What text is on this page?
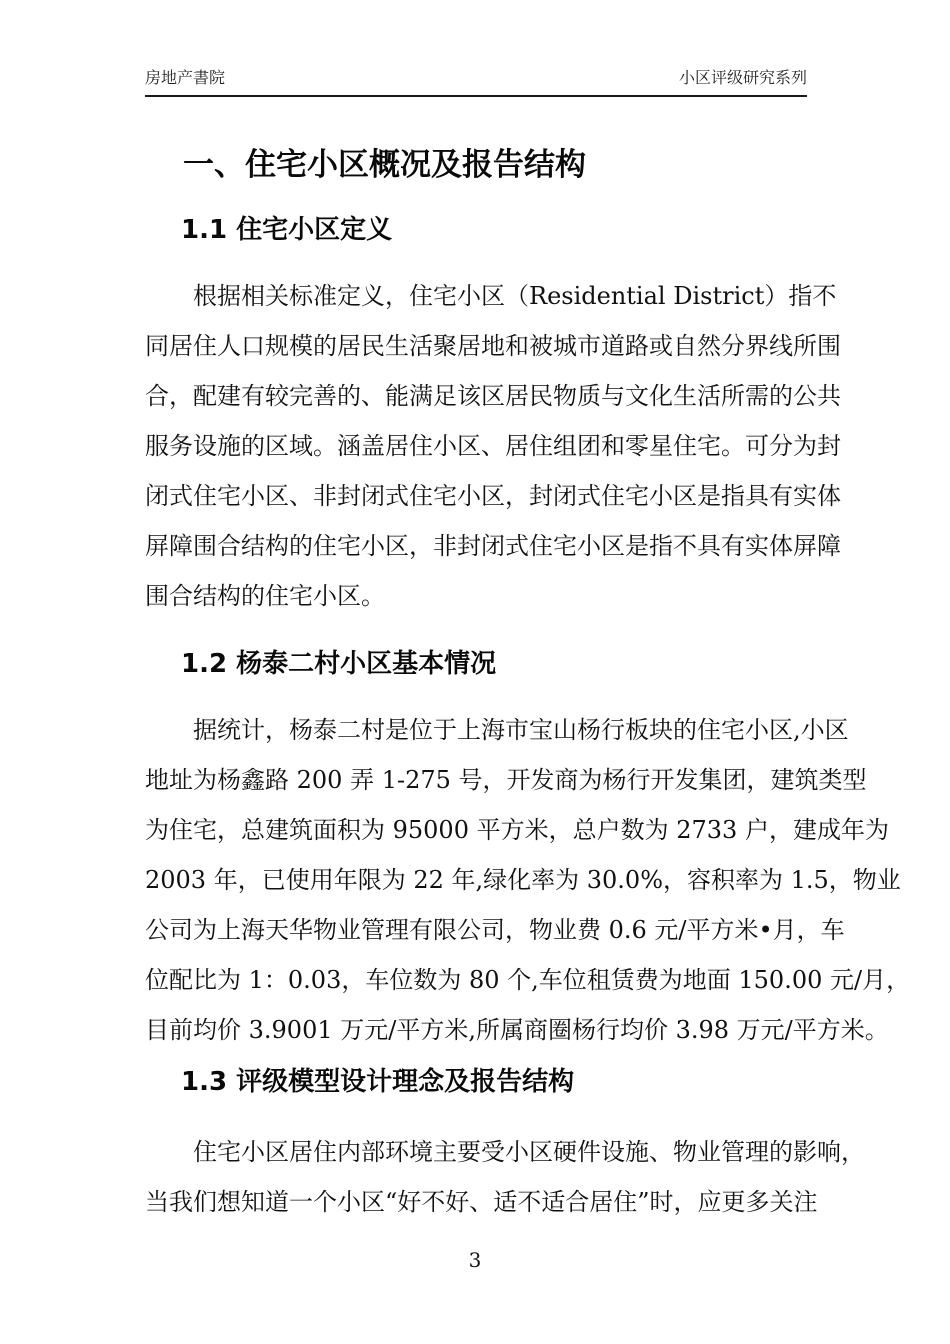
房地产書院	小区评级研究系列
一、住宅小区概况及报告结构
1.1 住宅小区定义
根据相关标准定义，住宅小区（Residential District）指不
同居住人口规模的居民生活聚居地和被城市道路或自然分界线所围
合，配建有较完善的、能满足该区居民物质与文化生活所需的公共
服务设施的区域。涵盖居住小区、居住组团和零星住宅。可分为封
闭式住宅小区、非封闭式住宅小区，封闭式住宅小区是指具有实体
屏障围合结构的住宅小区，非封闭式住宅小区是指不具有实体屏障
围合结构的住宅小区。
1.2 杨泰二村小区基本情况
据统计，杨泰二村是位于上海市宝山杨行板块的住宅小区,小区
地址为杨鑫路 200 弄 1-275 号，开发商为杨行开发集团，建筑类型
为住宅，总建筑面积为 95000 平方米，总户数为 2733 户，建成年为
2003 年，已使用年限为 22 年,绿化率为 30.0%，容积率为 1.5，物业
公司为上海天华物业管理有限公司，物业费 0.6 元/平方米•月，车
位配比为 1：0.03，车位数为 80 个,车位租赁费为地面 150.00 元/月，
目前均价 3.9001 万元/平方米,所属商圈杨行均价 3.98 万元/平方米。
1.3 评级模型设计理念及报告结构
住宅小区居住内部环境主要受小区硬件设施、物业管理的影响，
当我们想知道一个小区“好不好、适不适合居住”时，应更多关注
3
